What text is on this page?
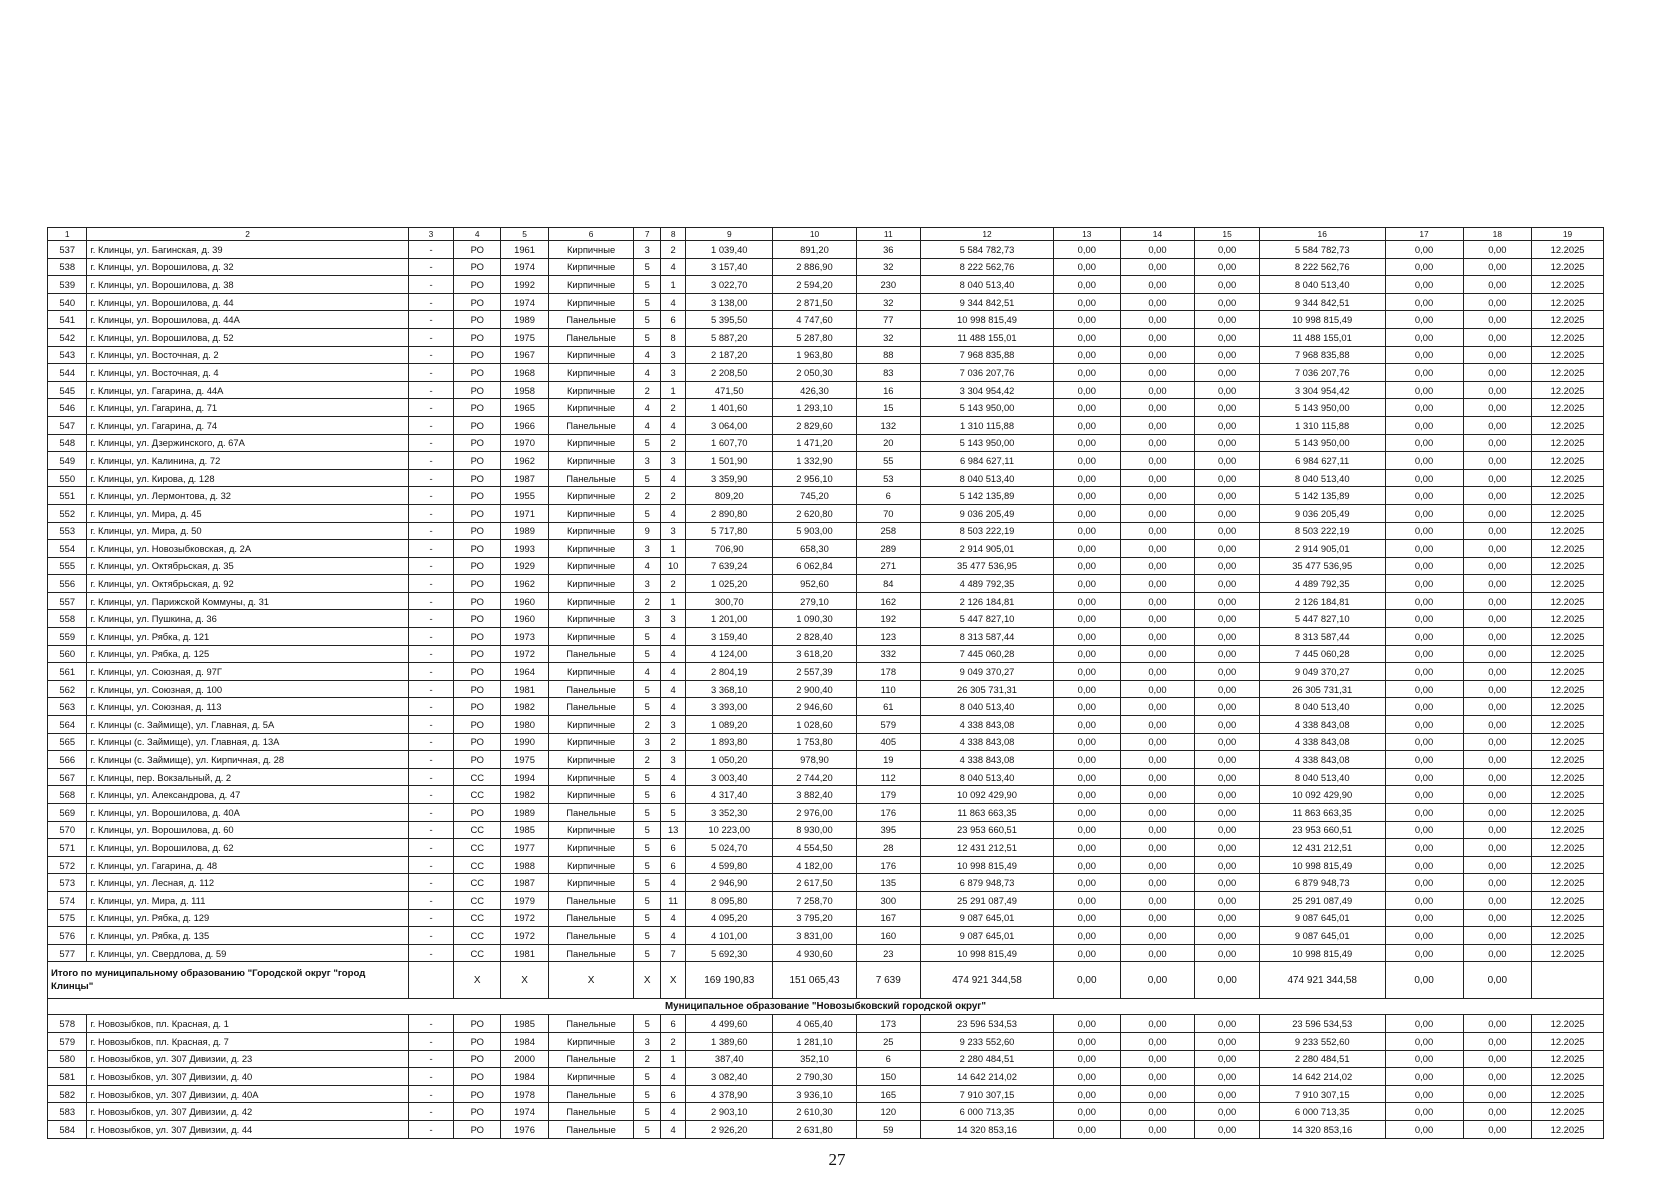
1	2	3	4	5	6	7	8	9	10	11	12	13	14	15	16	17	18	19
537	г. Клинцы, ул. Багинская, д. 39	-	РО	1961	Кирпичные	3	2	1 039,40	891,20	36	5 584 782,73	0,00	0,00	0,00	5 584 782,73	0,00	0,00	12.2025
538	г. Клинцы, ул. Ворошилова, д. 32	-	РО	1974	Кирпичные	5	4	3 157,40	2 886,90	32	8 222 562,76	0,00	0,00	0,00	8 222 562,76	0,00	0,00	12.2025
539	г. Клинцы, ул. Ворошилова, д. 38	-	РО	1992	Кирпичные	5	1	3 022,70	2 594,20	230	8 040 513,40	0,00	0,00	0,00	8 040 513,40	0,00	0,00	12.2025
540	г. Клинцы, ул. Ворошилова, д. 44	-	РО	1974	Кирпичные	5	4	3 138,00	2 871,50	32	9 344 842,51	0,00	0,00	0,00	9 344 842,51	0,00	0,00	12.2025
541	г. Клинцы, ул. Ворошилова, д. 44А	-	РО	1989	Панельные	5	6	5 395,50	4 747,60	77	10 998 815,49	0,00	0,00	0,00	10 998 815,49	0,00	0,00	12.2025
542	г. Клинцы, ул. Ворошилова, д. 52	-	РО	1975	Панельные	5	8	5 887,20	5 287,80	32	11 488 155,01	0,00	0,00	0,00	11 488 155,01	0,00	0,00	12.2025
543	г. Клинцы, ул. Восточная, д. 2	-	РО	1967	Кирпичные	4	3	2 187,20	1 963,80	88	7 968 835,88	0,00	0,00	0,00	7 968 835,88	0,00	0,00	12.2025
544	г. Клинцы, ул. Восточная, д. 4	-	РО	1968	Кирпичные	4	3	2 208,50	2 050,30	83	7 036 207,76	0,00	0,00	0,00	7 036 207,76	0,00	0,00	12.2025
545	г. Клинцы, ул. Гагарина, д. 44А	-	РО	1958	Кирпичные	2	1	471,50	426,30	16	3 304 954,42	0,00	0,00	0,00	3 304 954,42	0,00	0,00	12.2025
546	г. Клинцы, ул. Гагарина, д. 71	-	РО	1965	Кирпичные	4	2	1 401,60	1 293,10	15	5 143 950,00	0,00	0,00	0,00	5 143 950,00	0,00	0,00	12.2025
547	г. Клинцы, ул. Гагарина, д. 74	-	РО	1966	Панельные	4	4	3 064,00	2 829,60	132	1 310 115,88	0,00	0,00	0,00	1 310 115,88	0,00	0,00	12.2025
548	г. Клинцы, ул. Дзержинского, д. 67А	-	РО	1970	Кирпичные	5	2	1 607,70	1 471,20	20	5 143 950,00	0,00	0,00	0,00	5 143 950,00	0,00	0,00	12.2025
549	г. Клинцы, ул. Калинина, д. 72	-	РО	1962	Кирпичные	3	3	1 501,90	1 332,90	55	6 984 627,11	0,00	0,00	0,00	6 984 627,11	0,00	0,00	12.2025
550	г. Клинцы, ул. Кирова, д. 128	-	РО	1987	Панельные	5	4	3 359,90	2 956,10	53	8 040 513,40	0,00	0,00	0,00	8 040 513,40	0,00	0,00	12.2025
551	г. Клинцы, ул. Лермонтова, д. 32	-	РО	1955	Кирпичные	2	2	809,20	745,20	6	5 142 135,89	0,00	0,00	0,00	5 142 135,89	0,00	0,00	12.2025
552	г. Клинцы, ул. Мира, д. 45	-	РО	1971	Кирпичные	5	4	2 890,80	2 620,80	70	9 036 205,49	0,00	0,00	0,00	9 036 205,49	0,00	0,00	12.2025
553	г. Клинцы, ул. Мира, д. 50	-	РО	1989	Кирпичные	9	3	5 717,80	5 903,00	258	8 503 222,19	0,00	0,00	0,00	8 503 222,19	0,00	0,00	12.2025
554	г. Клинцы, ул. Новозыбковская, д. 2А	-	РО	1993	Кирпичные	3	1	706,90	658,30	289	2 914 905,01	0,00	0,00	0,00	2 914 905,01	0,00	0,00	12.2025
555	г. Клинцы, ул. Октябрьская, д. 35	-	РО	1929	Кирпичные	4	10	7 639,24	6 062,84	271	35 477 536,95	0,00	0,00	0,00	35 477 536,95	0,00	0,00	12.2025
556	г. Клинцы, ул. Октябрьская, д. 92	-	РО	1962	Кирпичные	3	2	1 025,20	952,60	84	4 489 792,35	0,00	0,00	0,00	4 489 792,35	0,00	0,00	12.2025
557	г. Клинцы, ул. Парижской Коммуны, д. 31	-	РО	1960	Кирпичные	2	1	300,70	279,10	162	2 126 184,81	0,00	0,00	0,00	2 126 184,81	0,00	0,00	12.2025
558	г. Клинцы, ул. Пушкина, д. 36	-	РО	1960	Кирпичные	3	3	1 201,00	1 090,30	192	5 447 827,10	0,00	0,00	0,00	5 447 827,10	0,00	0,00	12.2025
559	г. Клинцы, ул. Рябка, д. 121	-	РО	1973	Кирпичные	5	4	3 159,40	2 828,40	123	8 313 587,44	0,00	0,00	0,00	8 313 587,44	0,00	0,00	12.2025
560	г. Клинцы, ул. Рябка, д. 125	-	РО	1972	Панельные	5	4	4 124,00	3 618,20	332	7 445 060,28	0,00	0,00	0,00	7 445 060,28	0,00	0,00	12.2025
561	г. Клинцы, ул. Союзная, д. 97Г	-	РО	1964	Кирпичные	4	4	2 804,19	2 557,39	178	9 049 370,27	0,00	0,00	0,00	9 049 370,27	0,00	0,00	12.2025
562	г. Клинцы, ул. Союзная, д. 100	-	РО	1981	Панельные	5	4	3 368,10	2 900,40	110	26 305 731,31	0,00	0,00	0,00	26 305 731,31	0,00	0,00	12.2025
563	г. Клинцы, ул. Союзная, д. 113	-	РО	1982	Панельные	5	4	3 393,00	2 946,60	61	8 040 513,40	0,00	0,00	0,00	8 040 513,40	0,00	0,00	12.2025
564	г. Клинцы (с. Займище), ул. Главная, д. 5А	-	РО	1980	Кирпичные	2	3	1 089,20	1 028,60	579	4 338 843,08	0,00	0,00	0,00	4 338 843,08	0,00	0,00	12.2025
565	г. Клинцы (с. Займище), ул. Главная, д. 13А	-	РО	1990	Кирпичные	3	2	1 893,80	1 753,80	405	4 338 843,08	0,00	0,00	0,00	4 338 843,08	0,00	0,00	12.2025
566	г. Клинцы (с. Займище), ул. Кирпичная, д. 28	-	РО	1975	Кирпичные	2	3	1 050,20	978,90	19	4 338 843,08	0,00	0,00	0,00	4 338 843,08	0,00	0,00	12.2025
567	г. Клинцы, пер. Вокзальный, д. 2	-	СС	1994	Кирпичные	5	4	3 003,40	2 744,20	112	8 040 513,40	0,00	0,00	0,00	8 040 513,40	0,00	0,00	12.2025
568	г. Клинцы, ул. Александрова, д. 47	-	СС	1982	Кирпичные	5	6	4 317,40	3 882,40	179	10 092 429,90	0,00	0,00	0,00	10 092 429,90	0,00	0,00	12.2025
569	г. Клинцы, ул. Ворошилова, д. 40А	-	РО	1989	Панельные	5	5	3 352,30	2 976,00	176	11 863 663,35	0,00	0,00	0,00	11 863 663,35	0,00	0,00	12.2025
570	г. Клинцы, ул. Ворошилова, д. 60	-	СС	1985	Кирпичные	5	13	10 223,00	8 930,00	395	23 953 660,51	0,00	0,00	0,00	23 953 660,51	0,00	0,00	12.2025
571	г. Клинцы, ул. Ворошилова, д. 62	-	СС	1977	Кирпичные	5	6	5 024,70	4 554,50	28	12 431 212,51	0,00	0,00	0,00	12 431 212,51	0,00	0,00	12.2025
572	г. Клинцы, ул. Гагарина, д. 48	-	СС	1988	Кирпичные	5	6	4 599,80	4 182,00	176	10 998 815,49	0,00	0,00	0,00	10 998 815,49	0,00	0,00	12.2025
573	г. Клинцы, ул. Лесная, д. 112	-	СС	1987	Кирпичные	5	4	2 946,90	2 617,50	135	6 879 948,73	0,00	0,00	0,00	6 879 948,73	0,00	0,00	12.2025
574	г. Клинцы, ул. Мира, д. 111	-	СС	1979	Панельные	5	11	8 095,80	7 258,70	300	25 291 087,49	0,00	0,00	0,00	25 291 087,49	0,00	0,00	12.2025
575	г. Клинцы, ул. Рябка, д. 129	-	СС	1972	Панельные	5	4	4 095,20	3 795,20	167	9 087 645,01	0,00	0,00	0,00	9 087 645,01	0,00	0,00	12.2025
576	г. Клинцы, ул. Рябка, д. 135	-	СС	1972	Панельные	5	4	4 101,00	3 831,00	160	9 087 645,01	0,00	0,00	0,00	9 087 645,01	0,00	0,00	12.2025
577	г. Клинцы, ул. Свердлова, д. 59	-	СС	1981	Панельные	5	7	5 692,30	4 930,60	23	10 998 815,49	0,00	0,00	0,00	10 998 815,49	0,00	0,00	12.2025
Итого по муниципальному образованию "Городской округ "город Клинцы"			Х	Х	Х	Х	Х	169 190,83	151 065,43	7 639	474 921 344,58	0,00	0,00	0,00	474 921 344,58	0,00	0,00	
Муниципальное образование "Новозыбковский городской округ"																		
578	г. Новозыбков, пл. Красная, д. 1	-	РО	1985	Панельные	5	6	4 499,60	4 065,40	173	23 596 534,53	0,00	0,00	0,00	23 596 534,53	0,00	0,00	12.2025
579	г. Новозыбков, пл. Красная, д. 7	-	РО	1984	Кирпичные	3	2	1 389,60	1 281,10	25	9 233 552,60	0,00	0,00	0,00	9 233 552,60	0,00	0,00	12.2025
580	г. Новозыбков, ул. 307 Дивизии, д. 23	-	РО	2000	Панельные	2	1	387,40	352,10	6	2 280 484,51	0,00	0,00	0,00	2 280 484,51	0,00	0,00	12.2025
581	г. Новозыбков, ул. 307 Дивизии, д. 40	-	РО	1984	Кирпичные	5	4	3 082,40	2 790,30	150	14 642 214,02	0,00	0,00	0,00	14 642 214,02	0,00	0,00	12.2025
582	г. Новозыбков, ул. 307 Дивизии, д. 40А	-	РО	1978	Панельные	5	6	4 378,90	3 936,10	165	7 910 307,15	0,00	0,00	0,00	7 910 307,15	0,00	0,00	12.2025
583	г. Новозыбков, ул. 307 Дивизии, д. 42	-	РО	1974	Панельные	5	4	2 903,10	2 610,30	120	6 000 713,35	0,00	0,00	0,00	6 000 713,35	0,00	0,00	12.2025
584	г. Новозыбков, ул. 307 Дивизии, д. 44	-	РО	1976	Панельные	5	4	2 926,20	2 631,80	59	14 320 853,16	0,00	0,00	0,00	14 320 853,16	0,00	0,00	12.2025
27
